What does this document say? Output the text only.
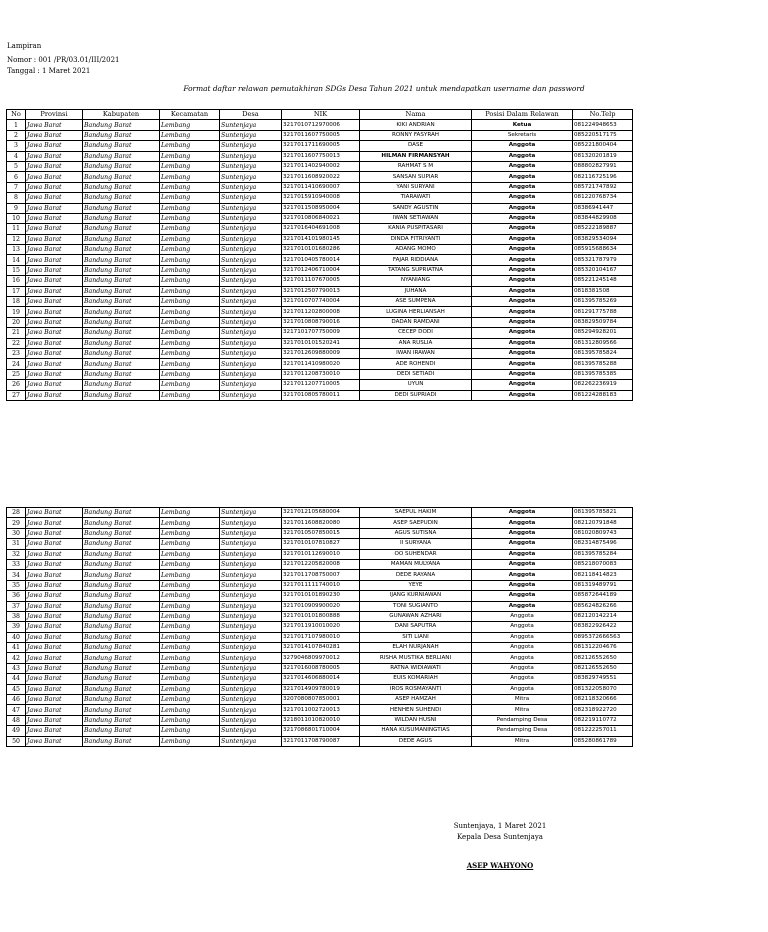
Lampiran
Nomor : 001 /PR/03.01/III/2021
Tanggal : 1 Maret 2021
Format daftar relawan pemutakhiran SDGs Desa Tahun 2021 untuk mendapatkan username dan password
No	Provinsi	Kabupaten	Kecamatan	Desa	NIK	Nama	Posisi Dalam Relawan	No.Telp
1	Jawa Barat	Bandung Barat	Lembang	Suntenjaya	3217010712970006	KIKI ANDRIAN	Ketua	081224948653
2	Jawa Barat	Bandung Barat	Lembang	Suntenjaya	3217011607750005	RONNY FASYRAH	Sekretaris	085220517175
3	Jawa Barat	Bandung Barat	Lembang	Suntenjaya	3217011711690005	DASE	Anggota	085221800404
4	Jawa Barat	Bandung Barat	Lembang	Suntenjaya	3217011607750013	HILMAN FIRMANSYAH	Anggota	081320201819
5	Jawa Barat	Bandung Barat	Lembang	Suntenjaya	3217011402940002	RAHMAT S M	Anggota	088802827991
6	Jawa Barat	Bandung Barat	Lembang	Suntenjaya	3217011608920022	SANSAN SUPIAR	Anggota	082116725196
7	Jawa Barat	Bandung Barat	Lembang	Suntenjaya	3217011410690007	YANI SURYANI	Anggota	085721747892
8	Jawa Barat	Bandung Barat	Lembang	Suntenjaya	3217015910940008	TIARAWATI	Anggota	081220768734
9	Jawa Barat	Bandung Barat	Lembang	Suntenjaya	3217011508950004	SANDY AGUSTIN	Anggota	08386941447
10	Jawa Barat	Bandung Barat	Lembang	Suntenjaya	3217010806840021	IWAN SETIAWAN	Anggota	083844829908
11	Jawa Barat	Bandung Barat	Lembang	Suntenjaya	3217016404691008	KANIA PUSPITASARI	Anggota	085222189887
12	Jawa Barat	Bandung Barat	Lembang	Suntenjaya	3217014101980145	DINDA FITRIYANTI	Anggota	083829534094
13	Jawa Barat	Bandung Barat	Lembang	Suntenjaya	3217010101680286	ADANG MOMO	Anggota	085915688634
14	Jawa Barat	Bandung Barat	Lembang	Suntenjaya	3217010405780014	FAJAR RIDDIANA	Anggota	085321787979
15	Jawa Barat	Bandung Barat	Lembang	Suntenjaya	3217012406710004	TATANG SUPRIATNA	Anggota	085320104167
16	Jawa Barat	Bandung Barat	Lembang	Suntenjaya	3217011107670005	NYANIANG	Anggota	085221245148
17	Jawa Barat	Bandung Barat	Lembang	Suntenjaya	3217012507790013	JUHANA	Anggota	0818381508
18	Jawa Barat	Bandung Barat	Lembang	Suntenjaya	3217010707740004	ASE SUMPENA	Anggota	081395785269
19	Jawa Barat	Bandung Barat	Lembang	Suntenjaya	3217011202800008	LUGINA HERLIANSAH	Anggota	081291775788
20	Jawa Barat	Bandung Barat	Lembang	Suntenjaya	3217010808790016	DADAN RAMDANI	Anggota	083829509784
21	Jawa Barat	Bandung Barat	Lembang	Suntenjaya	3217101707750009	CECEP DODI	Anggota	085294928201
22	Jawa Barat	Bandung Barat	Lembang	Suntenjaya	3217010101520241	ANA RUSLIA	Anggota	081312809566
23	Jawa Barat	Bandung Barat	Lembang	Suntenjaya	3217012609880009	IWAN IRAWAN	Anggota	081395785824
24	Jawa Barat	Bandung Barat	Lembang	Suntenjaya	3217011410980020	ADE ROHENDI	Anggota	081395785288
25	Jawa Barat	Bandung Barat	Lembang	Suntenjaya	3217011208730010	DEDI SETIADI	Anggota	081395785385
26	Jawa Barat	Bandung Barat	Lembang	Suntenjaya	3217011207710005	UYUN	Anggota	082262236919
27	Jawa Barat	Bandung Barat	Lembang	Suntenjaya	3217010805780011	DEDI SUPRIADI	Anggota	081224288183
28	Jawa Barat	Bandung Barat	Lembang	Suntenjaya	3217012105680004	SAEPUL HAKIM	Anggota	081395785821
29	Jawa Barat	Bandung Barat	Lembang	Suntenjaya	3217011608820080	ASEP SAEPUDIN	Anggota	082120791848
30	Jawa Barat	Bandung Barat	Lembang	Suntenjaya	3217010507850015	AGUS SUTISNA	Anggota	081020809743
31	Jawa Barat	Bandung Barat	Lembang	Suntenjaya	3217010107810827	II SURYANA	Anggota	082314875496
32	Jawa Barat	Bandung Barat	Lembang	Suntenjaya	3217010112690010	OO SUHENDAR	Anggota	081395785284
33	Jawa Barat	Bandung Barat	Lembang	Suntenjaya	3217012205820008	MAMAN MULYANA	Anggota	085218070083
34	Jawa Barat	Bandung Barat	Lembang	Suntenjaya	3217011708750007	DEDE RAYANA	Anggota	082118414823
35	Jawa Barat	Bandung Barat	Lembang	Suntenjaya	3217011111740010	YEYE	Anggota	081319489791
36	Jawa Barat	Bandung Barat	Lembang	Suntenjaya	3217010101890230	IJANG KURNIAWAN	Anggota	085872644189
37	Jawa Barat	Bandung Barat	Lembang	Suntenjaya	3217010909900020	TONI SUGIANTO	Anggota	085624826266
38	Jawa Barat	Bandung Barat	Lembang	Suntenjaya	3217010101800888	GUNAWAN AZHARI	Anggota	082120142214
39	Jawa Barat	Bandung Barat	Lembang	Suntenjaya	3217011910010020	DANI SAPUTRA	Anggota	083822926422
40	Jawa Barat	Bandung Barat	Lembang	Suntenjaya	3217017107980010	SITI LIANI	Anggota	0895372666563
41	Jawa Barat	Bandung Barat	Lembang	Suntenjaya	3217014107840281	ELAH NURJANAH	Anggota	081312204676
42	Jawa Barat	Bandung Barat	Lembang	Suntenjaya	3279046809970012	RISHA MUSTIKA BERLIANI	Anggota	082126552650
43	Jawa Barat	Bandung Barat	Lembang	Suntenjaya	3217016008780005	RATNA WIDIAWATI	Anggota	082126552650
44	Jawa Barat	Bandung Barat	Lembang	Suntenjaya	3217014606880014	EUIS KOMARIAH	Anggota	083829749551
45	Jawa Barat	Bandung Barat	Lembang	Suntenjaya	3217014909780019	IROS ROSMAYANTI	Anggota	081322058070
46	Jawa Barat	Bandung Barat	Lembang	Suntenjaya	3207080807850001	ASEP HAMZAH	Mitra	082118320666
47	Jawa Barat	Bandung Barat	Lembang	Suntenjaya	3217011002720013	HENHEN SUHENDI	Mitra	082318922720
48	Jawa Barat	Bandung Barat	Lembang	Suntenjaya	3218011010820010	WILDAN HUSNI	Pendamping Desa	082219110772
49	Jawa Barat	Bandung Barat	Lembang	Suntenjaya	3217086801710004	HANA KUSUMANINGTIAS	Pendamping Desa	081222257011
50	Jawa Barat	Bandung Barat	Lembang	Suntenjaya	3217011708790087	DEDE AGUS	Mitra	085280861789
Suntenjaya, 1 Maret 2021
Kepala Desa Suntenjaya
ASEP WAHYONO
